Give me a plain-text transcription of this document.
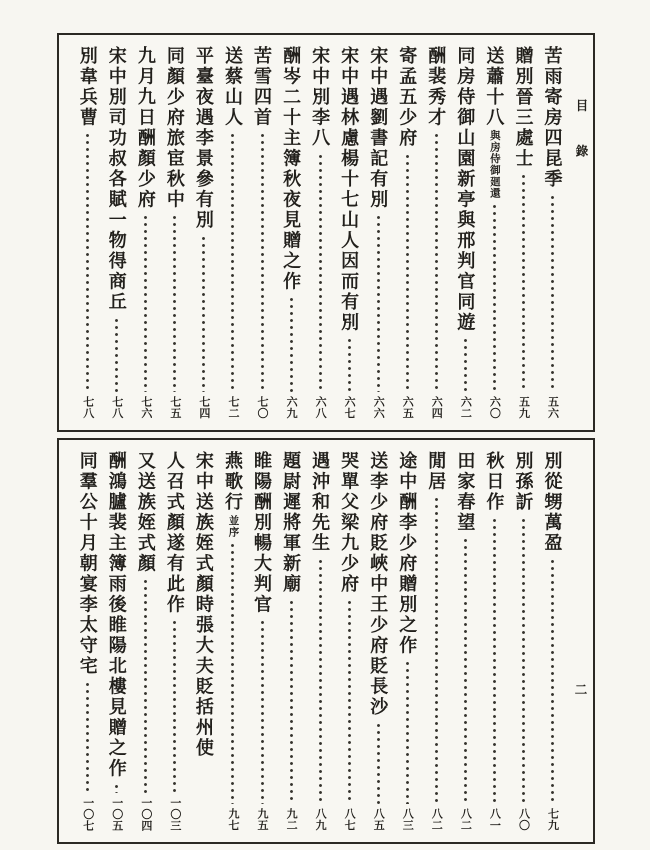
目錄
苦雨寄房四昆季
五六
贈別晉三處士
五九
送蕭十八
與房侍御廻還
六〇
同房侍御山園新亭與邢判官同遊
六二
酬裴秀才
六四
寄孟五少府
六五
宋中遇劉書記有別
六六
宋中遇林慮楊十七山人因而有別
六七
宋中別李八
六八
酬岑二十主簿秋夜見贈之作
六九
苦雪四首
七〇
送蔡山人
七二
平臺夜遇李景參有別
七四
同顏少府旅宦秋中
七五
九月九日酬顏少府
七六
宋中別司功叔各賦一物得商丘
七八
別韋兵曹
七八
二
別從甥萬盈
七九
別孫訢
八〇
秋日作
八一
田家春望
八二
閒居
八二
途中酬李少府贈別之作
八三
送李少府貶峽中王少府貶長沙
八五
哭單父梁九少府
八七
遇沖和先生
八九
題尉遲將軍新廟
九二
睢陽酬別暢大判官
九五
燕歌行
並序
九七
宋中送族姪式顏時張大夫貶括州使
人召式顏遂有此作
一〇三
又送族姪式顏
一〇四
酬鴻臚裴主簿雨後睢陽北樓見贈之作
一〇五
同羣公十月朝宴李太守宅
一〇七
